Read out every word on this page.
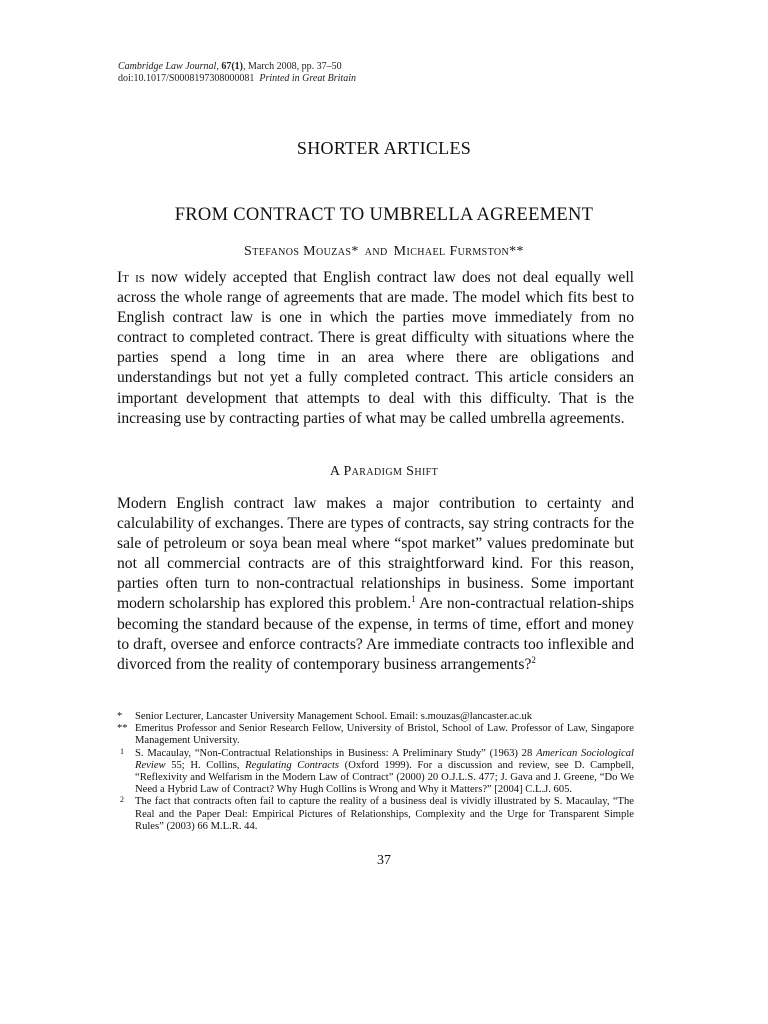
Cambridge Law Journal, 67(1), March 2008, pp. 37–50
doi:10.1017/S0008197308000081 Printed in Great Britain
SHORTER ARTICLES
FROM CONTRACT TO UMBRELLA AGREEMENT
Stefanos Mouzas* and Michael Furmston**

It is now widely accepted that English contract law does not deal equally well across the whole range of agreements that are made. The model which fits best to English contract law is one in which the parties move immediately from no contract to completed contract. There is great difficulty with situations where the parties spend a long time in an area where there are obligations and understandings but not yet a fully completed contract. This article considers an important development that attempts to deal with this difficulty. That is the increasing use by contracting parties of what may be called umbrella agreements.

A Paradigm Shift

Modern English contract law makes a major contribution to certainty and calculability of exchanges. There are types of contracts, say string contracts for the sale of petroleum or soya bean meal where “spot market” values predominate but not all commercial contracts are of this straightforward kind. For this reason, parties often turn to non-contractual relationships in business. Some important modern scholarship has explored this problem.$^1$ Are non-contractual relation-ships becoming the standard because of the expense, in terms of time, effort and money to draft, oversee and enforce contracts? Are immediate contracts too inflexible and divorced from the reality of contemporary business arrangements?$^2$

*	Senior Lecturer, Lancaster University Management School. Email: s.mouzas@lancaster.ac.uk
** Emeritus Professor and Senior Research Fellow, University of Bristol, School of Law. Professor of Law, Singapore Management University.
1	S. Macaulay, “Non-Contractual Relationships in Business: A Preliminary Study” (1963) 28 American Sociological Review 55; H. Collins, Regulating Contracts (Oxford 1999). For a discussion and review, see D. Campbell, “Reflexivity and Welfarism in the Modern Law of Contract” (2000) 20 O.J.L.S. 477; J. Gava and J. Greene, “Do We Need a Hybrid Law of Contract? Why Hugh Collins is Wrong and Why it Matters?” [2004] C.L.J. 605.
2	The fact that contracts often fail to capture the reality of a business deal is vividly illustrated by S. Macaulay, “The Real and the Paper Deal: Empirical Pictures of Relationships, Complexity and the Urge for Transparent Simple Rules” (2003) 66 M.L.R. 44.
37
